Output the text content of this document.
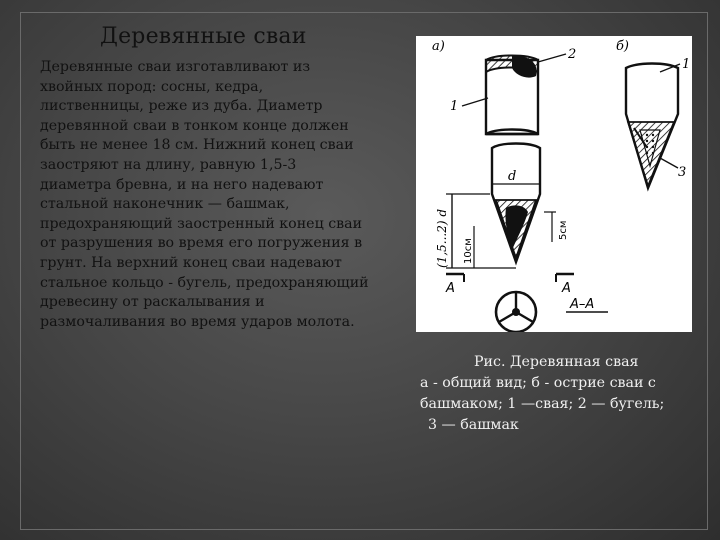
Деревянные сваи

Деревянные сваи изготавливают из хвойных пород: сосны, кедра, лиственницы, реже из дуба. Диаметр деревянной сваи в тонком конце должен быть не менее 18 см. Нижний конец сваи заостряют на длину, равную 1,5-3 диаметра бревна, и на него надевают стальной наконечник — башмак, предохраняющий заостренный конец сваи от разрушения во время его погружения в грунт. На верхний конец сваи надевают стальное кольцо - бугель, предохраняющий древесину от раскалывания и размочаливания во время ударов молота.

а)	б)
2
1
d
(1,5...2) d 10см
5см
А	А
А–А
1
3
Рис. Деревянная свая
а - общий вид; б - острие сваи с
башмаком; 1 —свая; 2 — бугель;
3 — башмак
